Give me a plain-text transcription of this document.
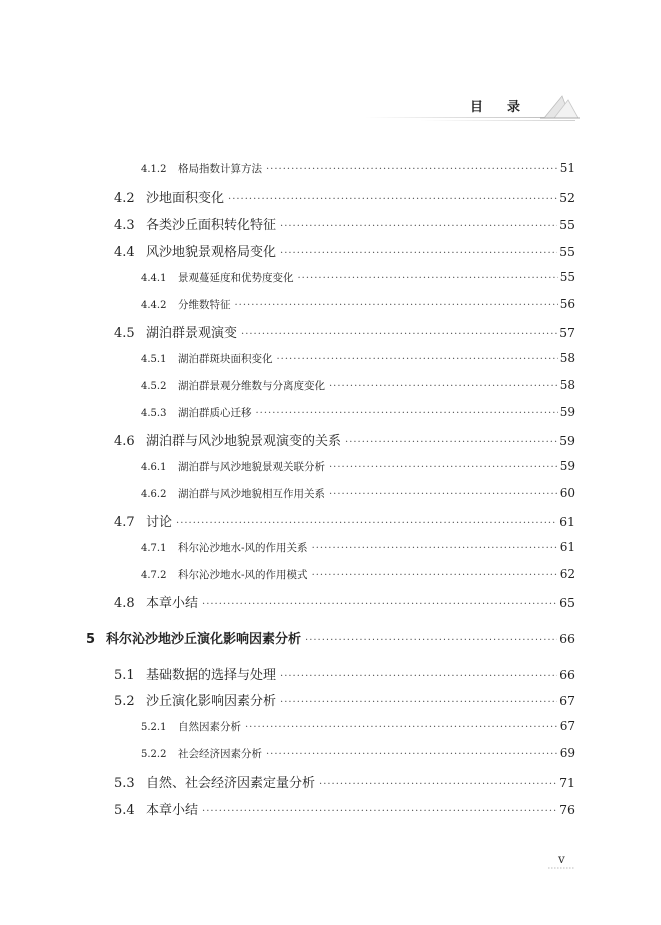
目 录
4.1.2	格局指数计算方法 ·····	51
4.2 沙地面积变化 ·····	52
4.3 各类沙丘面积转化特征 ·····	55
4.4 风沙地貌景观格局变化 ·····	55
4.4.1	景观蔓延度和优势度变化 ·····	55
4.4.2	分维数特征 ·····	56
4.5 湖泊群景观演变 ·····	57
4.5.1	湖泊群斑块面积变化 ·····	58
4.5.2	湖泊群景观分维数与分离度变化 ·····	58
4.5.3	湖泊群质心迁移 ·····	59
4.6 湖泊群与风沙地貌景观演变的关系 ·····	59
4.6.1	湖泊群与风沙地貌景观关联分析 ·····	59
4.6.2	湖泊群与风沙地貌相互作用关系 ·····	60
4.7 讨论 ·····	61
4.7.1	科尔沁沙地水-风的作用关系 ·····	61
4.7.2	科尔沁沙地水-风的作用模式 ·····	62
4.8 本章小结 ·····	65
5 科尔沁沙地沙丘演化影响因素分析 ·····	66
5.1 基础数据的选择与处理 ·····	66
5.2 沙丘演化影响因素分析 ·····	67
5.2.1	自然因素分析 ·····	67
5.2.2	社会经济因素分析 ·····	69
5.3 自然、社会经济因素定量分析 ·····	71
5.4 本章小结 ·····	76
v
